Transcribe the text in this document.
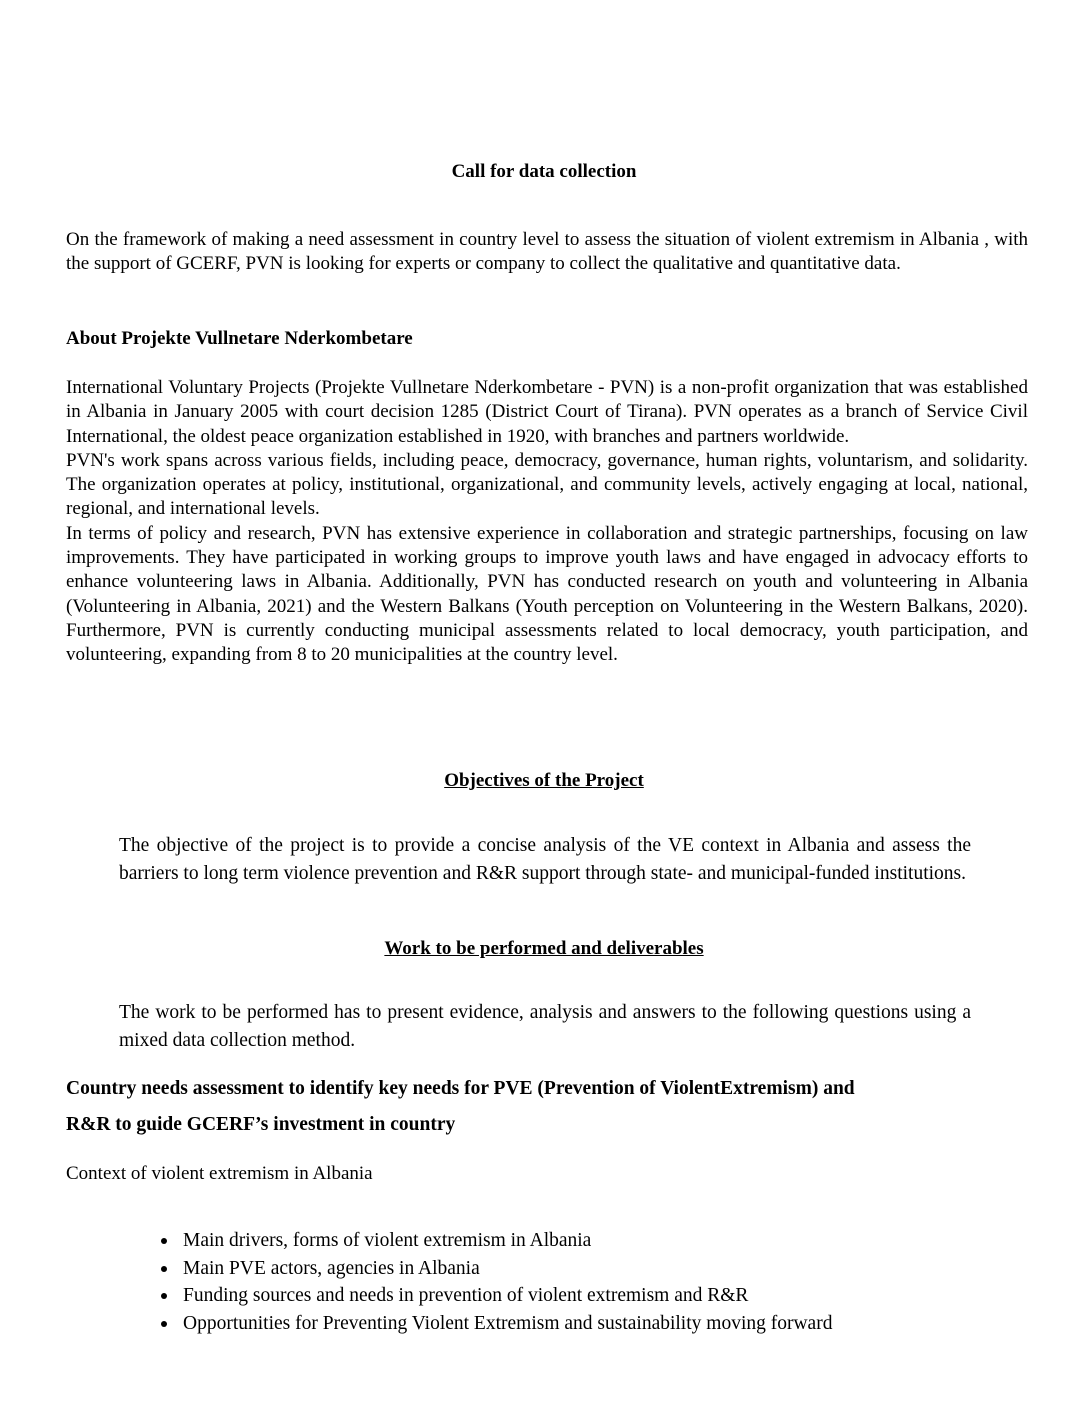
Call for data collection

On the framework of making a need assessment in country level to assess the situation of violent extremism in Albania , with the support of GCERF, PVN is looking for experts or company to collect the qualitative and quantitative data.

About Projekte Vullnetare Nderkombetare

International Voluntary Projects (Projekte Vullnetare Nderkombetare - PVN) is a non-profit organization that was established in Albania in January 2005 with court decision 1285 (District Court of Tirana). PVN operates as a branch of Service Civil International, the oldest peace organization established in 1920, with branches and partners worldwide.

PVN's work spans across various fields, including peace, democracy, governance, human rights, voluntarism, and solidarity. The organization operates at policy, institutional, organizational, and community levels, actively engaging at local, national, regional, and international levels.

In terms of policy and research, PVN has extensive experience in collaboration and strategic partnerships, focusing on law improvements. They have participated in working groups to improve youth laws and have engaged in advocacy efforts to enhance volunteering laws in Albania. Additionally, PVN has conducted research on youth and volunteering in Albania (Volunteering in Albania, 2021) and the Western Balkans (Youth perception on Volunteering in the Western Balkans, 2020). Furthermore, PVN is currently conducting municipal assessments related to local democracy, youth participation, and volunteering, expanding from 8 to 20 municipalities at the country level.

Objectives of the Project

The objective of the project is to provide a concise analysis of the VE context in Albania and assess the barriers to long term violence prevention and R&R support through state- and municipal-funded institutions.

Work to be performed and deliverables

The work to be performed has to present evidence, analysis and answers to the following questions using a mixed data collection method.

Country needs assessment to identify key needs for PVE (Prevention of ViolentExtremism) and
R&R to guide GCERF’s investment in country

Context of violent extremism in Albania

Main drivers, forms of violent extremism in Albania
Main PVE actors, agencies in Albania
Funding sources and needs in prevention of violent extremism and R&R
Opportunities for Preventing Violent Extremism and sustainability moving forward
